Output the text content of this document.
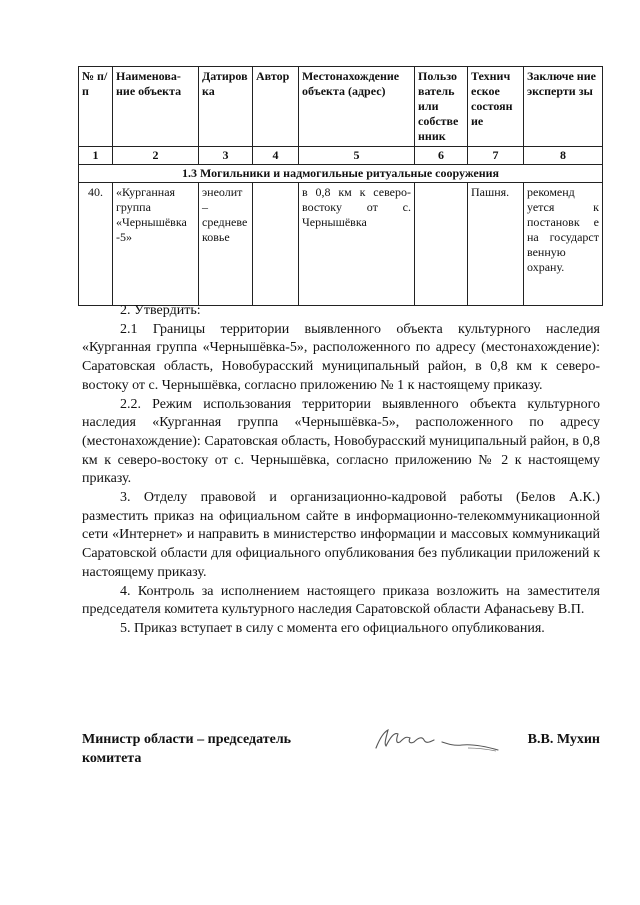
№ п/п	Наименова-ние объекта	Датиров ка	Автор	Местонахождение объекта (адрес)	Пользо ватель или собстве нник	Технич еское состоян ие	Заключе ние эксперти зы
1	2	3	4	5	6	7	8
1.3 Могильники и надмогильные ритуальные сооружения							
40.	«Курганная группа «Чернышёвка -5»	энеолит – средневе ковье		в 0,8 км к северо-востоку от с. Чернышёвка		Пашня.	рекоменд уется к постановк е на государст венную охрану.

2. Утвердить:

2.1 Границы территории выявленного объекта культурного наследия «Курганная группа «Чернышёвка-5», расположенного по адресу (местонахождение): Саратовская область, Новобурасский муниципальный район, в 0,8 км к северо-востоку от с. Чернышёвка, согласно приложению № 1 к настоящему приказу.

2.2. Режим использования территории выявленного объекта культурного наследия «Курганная группа «Чернышёвка-5», расположенного по адресу (местонахождение): Саратовская область, Новобурасский муниципальный район, в 0,8 км к северо-востоку от с. Чернышёвка, согласно приложению № 2 к настоящему приказу.

3. Отделу правовой и организационно-кадровой работы (Белов А.К.) разместить приказ на официальном сайте в информационно-телекоммуникационной сети «Интернет» и направить в министерство информации и массовых коммуникаций Саратовской области для официального опубликования без публикации приложений к настоящему приказу.

4. Контроль за исполнением настоящего приказа возложить на заместителя председателя комитета культурного наследия Саратовской области Афанасьеву В.П.

5. Приказ вступает в силу с момента его официального опубликования.

Министр области – председатель комитета
В.В. Мухин
